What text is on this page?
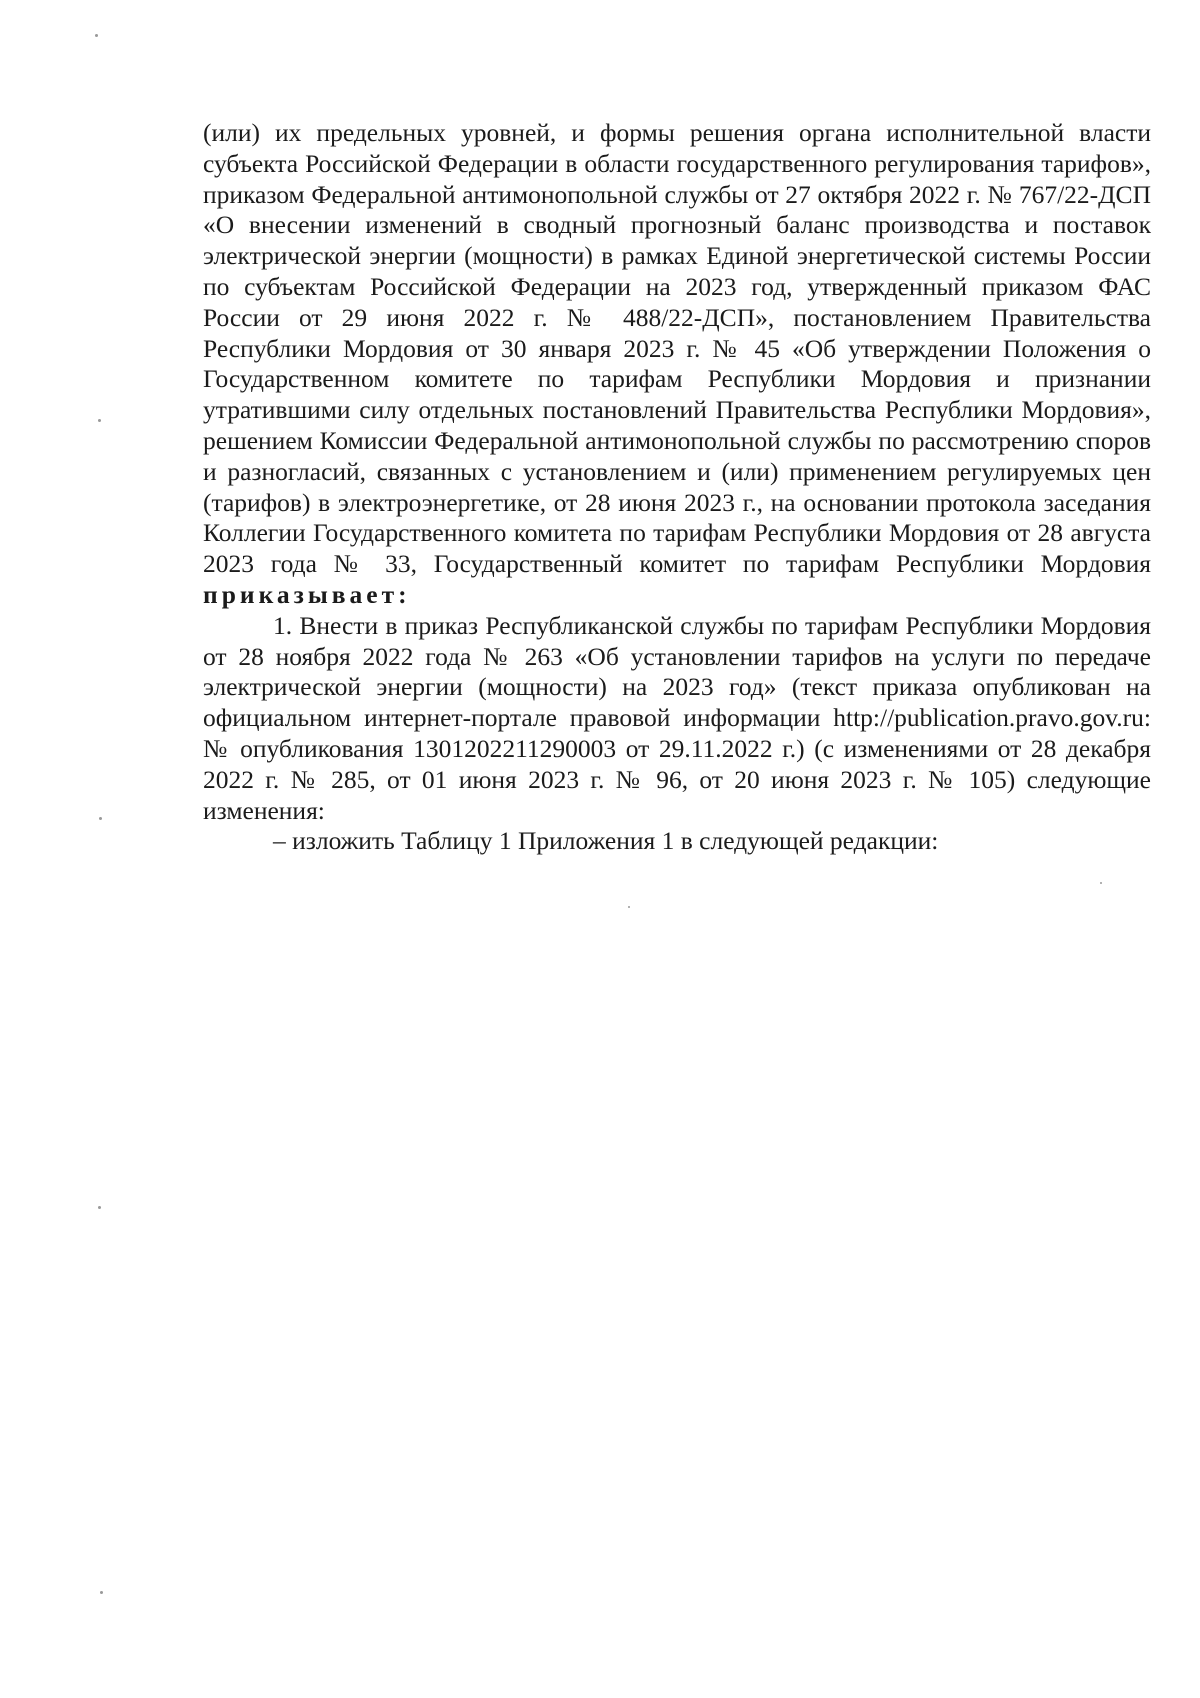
(или) их предельных уровней, и формы решения органа исполнительной власти субъекта Российской Федерации в области государственного регулирования тарифов», приказом Федеральной антимонопольной службы от 27 октября 2022 г. № 767/22-ДСП «О внесении изменений в сводный прогнозный баланс производства и поставок электрической энергии (мощности) в рамках Единой энергетической системы России по субъектам Российской Федерации на 2023 год, утвержденный приказом ФАС России от 29 июня 2022 г. № 488/22-ДСП», постановлением Правительства Республики Мордовия от 30 января 2023 г. № 45 «Об утверждении Положения о Государственном комитете по тарифам Республики Мордовия и признании утратившими силу отдельных постановлений Правительства Республики Мордовия», решением Комиссии Федеральной антимонопольной службы по рассмотрению споров и разногласий, связанных с установлением и (или) применением регулируемых цен (тарифов) в электроэнергетике, от 28 июня 2023 г., на основании протокола заседания Коллегии Государственного комитета по тарифам Республики Мордовия от 28 августа 2023 года № 33, Государственный комитет по тарифам Республики Мордовия приказывает:

1. Внести в приказ Республиканской службы по тарифам Республики Мордовия от 28 ноября 2022 года № 263 «Об установлении тарифов на услуги по передаче электрической энергии (мощности) на 2023 год» (текст приказа опубликован на официальном интернет-портале правовой информации http://publication.pravo.gov.ru: № опубликования 1301202211290003 от 29.11.2022 г.) (с изменениями от 28 декабря 2022 г. № 285, от 01 июня 2023 г. № 96, от 20 июня 2023 г. № 105) следующие изменения:

– изложить Таблицу 1 Приложения 1 в следующей редакции:
